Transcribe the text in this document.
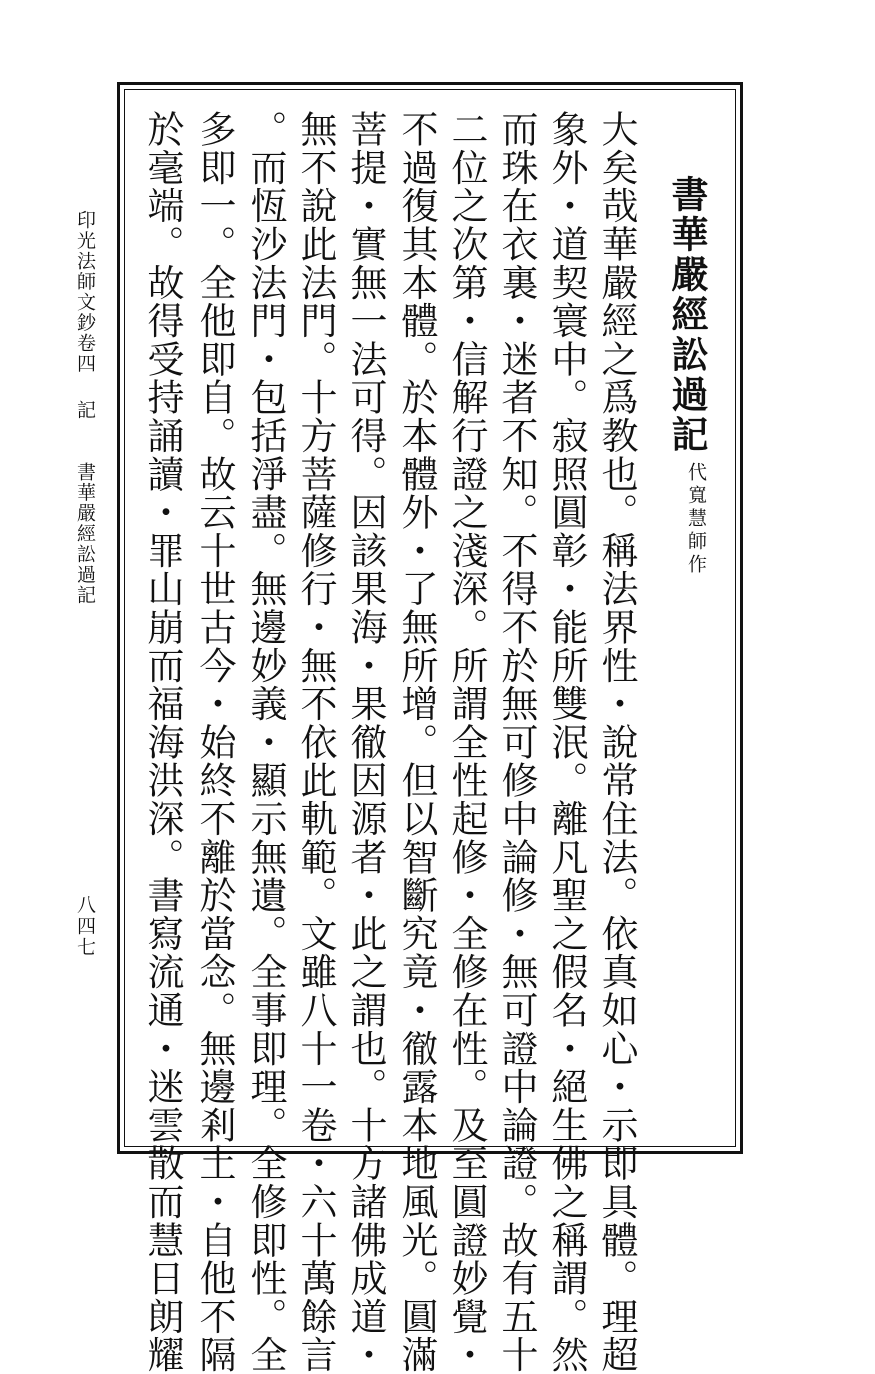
印光法師文鈔卷四
記
書華嚴經訟過記
八四七
書華嚴經訟過記
代寬慧師作
大矣哉華嚴經之爲教也。稱法界性・說常住法。依真如心・示即具體。理超
象外・道契寰中。寂照圓彰・能所雙泯。離凡聖之假名・絕生佛之稱謂。然
而珠在衣裏・迷者不知。不得不於無可修中論修・無可證中論證。故有五十
二位之次第・信解行證之淺深。所謂全性起修・全修在性。及至圓證妙覺・
不過復其本體。於本體外・了無所增。但以智斷究竟・徹露本地風光。圓滿
菩提・實無一法可得。因該果海・果徹因源者・此之謂也。十方諸佛成道・
無不說此法門。十方菩薩修行・無不依此軌範。文雖八十一卷・六十萬餘言
。而恆沙法門・包括淨盡。無邊妙義・顯示無遺。全事即理。全修即性。全
多即一。全他即自。故云十世古今・始終不離於當念。無邊剎土・自他不隔
於毫端。故得受持誦讀・罪山崩而福海洪深。書寫流通・迷雲散而慧日朗耀
